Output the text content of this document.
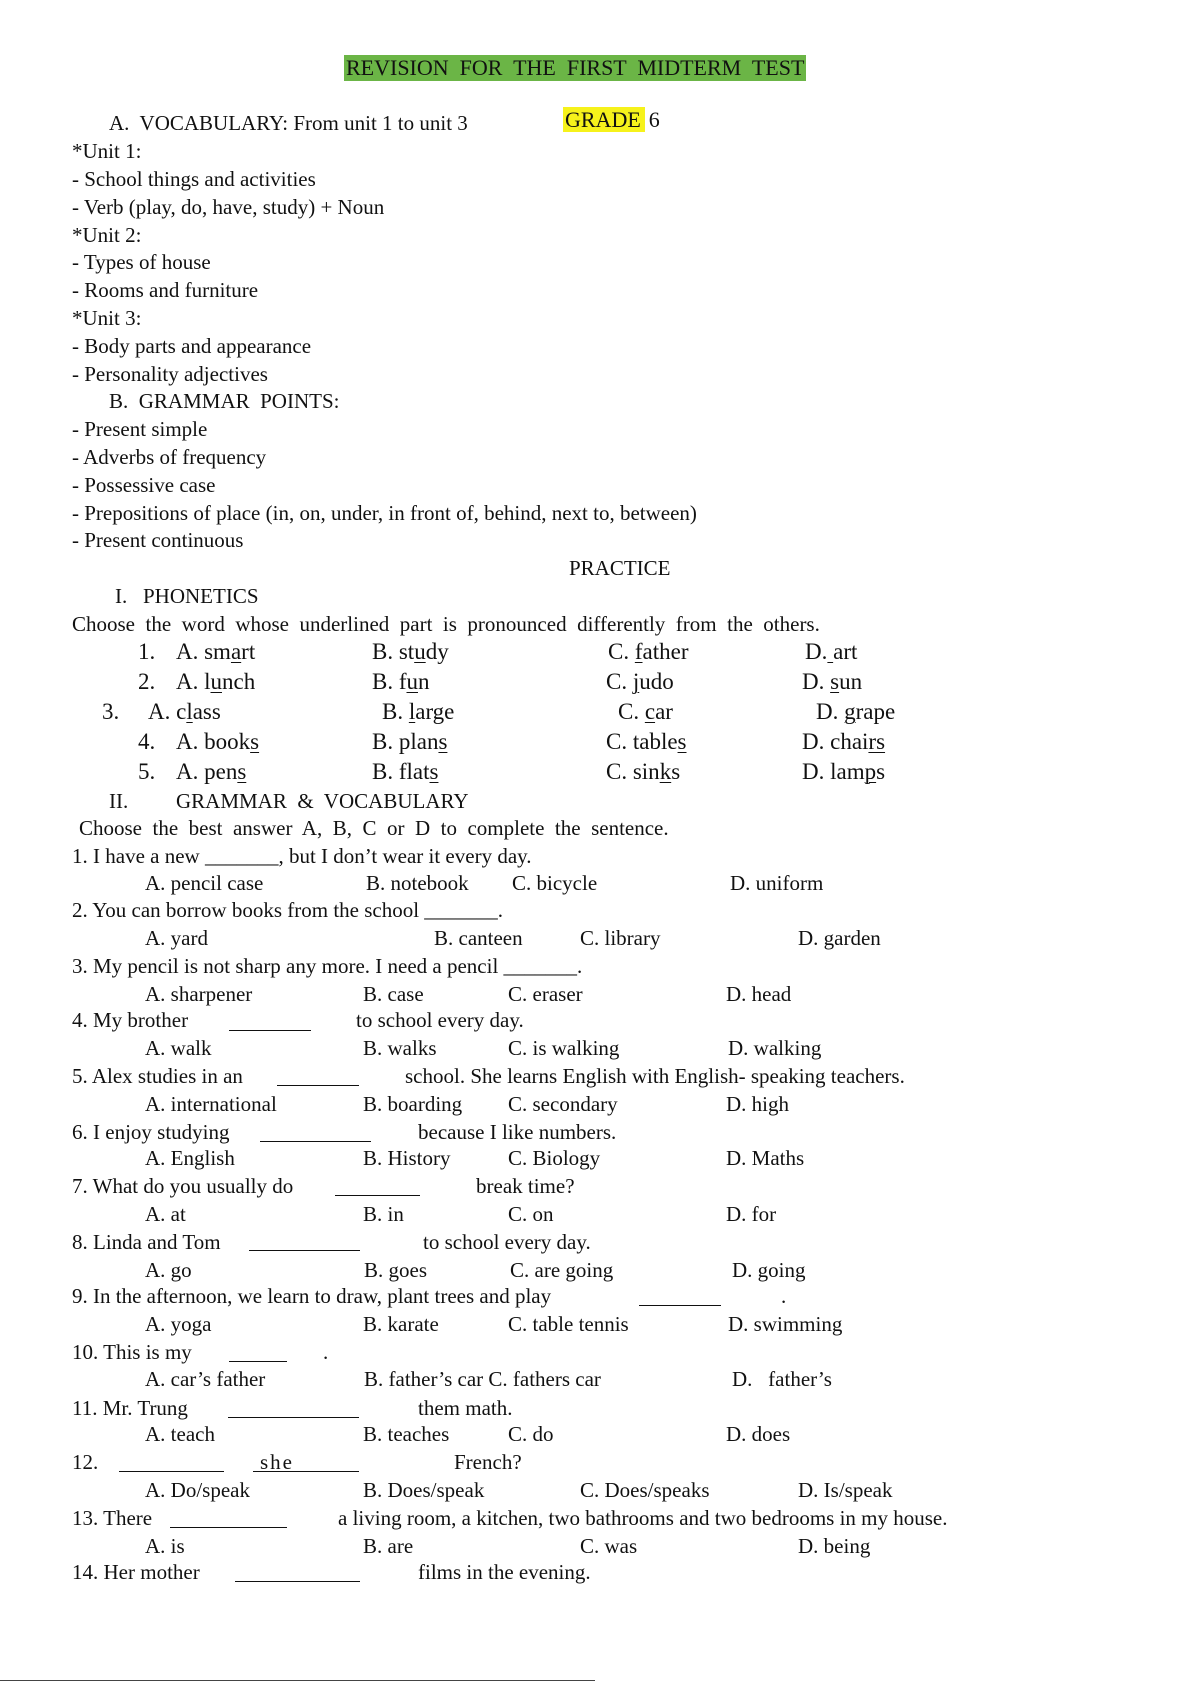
REVISION  FOR  THE  FIRST  MIDTERM  TEST

GRADE 6

A.  VOCABULARY: From unit 1 to unit 3
*Unit 1:
- School things and activities
- Verb (play, do, have, study) + Noun
*Unit 2:
- Types of house
- Rooms and furniture
*Unit 3:
- Body parts and appearance
- Personality adjectives
B.  GRAMMAR  POINTS:
- Present simple
- Adverbs of frequency
- Possessive case
- Prepositions of place (in, on, under, in front of, behind, next to, between)
- Present continuous
PRACTICE
I.   PHONETICS
Choose  the  word  whose  underlined  part  is  pronounced  differently  from  the  others.
1. A. smart	B. study	C. father	D. art
2. A. lunch	B. fun	C. judo	D. sun
3. A. class	B. large	C. car	D. grape
4. A. books	B. plans	C. tables	D. chairs
5. A. pens	B. flats	C. sinks	D. lamps
II. GRAMMAR  &  VOCABULARY
Choose  the  best  answer  A,  B,  C  or  D  to  complete  the  sentence.
1. I have a new _______, but I don’t wear it every day.
A. pencil case	B. notebook C. bicycle	D. uniform
2. You can borrow books from the school _______.
A. yard	B. canteen	C. library	D. garden
3. My pencil is not sharp any more. I need a pencil _______.
A. sharpener	B. case	C. eraser	D. head
4. My brother	to school every day.
A. walk	B. walks	C. is walking	D. walking
5. Alex studies in an	school. She learns English with English- speaking teachers.
A. international	B. boarding C. secondary	D. high
6. I enjoy studying	because I like numbers.
A. English	B. History	C. Biology	D. Maths
7. What do you usually do	break time?
A. at	B. in	C. on	D. for
8. Linda and Tom	to school every day.
A. go	B. goes	C. are going	D. going
9. In the afternoon, we learn to draw, plant trees and play	.
A. yoga	B. karate	C. table tennis	D. swimming
10. This is my	.
A. car’s father	B. father’s car C. fathers car	D.   father’s
11. Mr. Trung	them math.
A. teach	B. teaches	C. do	D. does
12.	she	French?
A. Do/speak	B. Does/speak	C. Does/speaks	D. Is/speak
13. There	a living room, a kitchen, two bathrooms and two bedrooms in my house.
A. is	B. are	C. was	D. being
14. Her mother	films in the evening.
